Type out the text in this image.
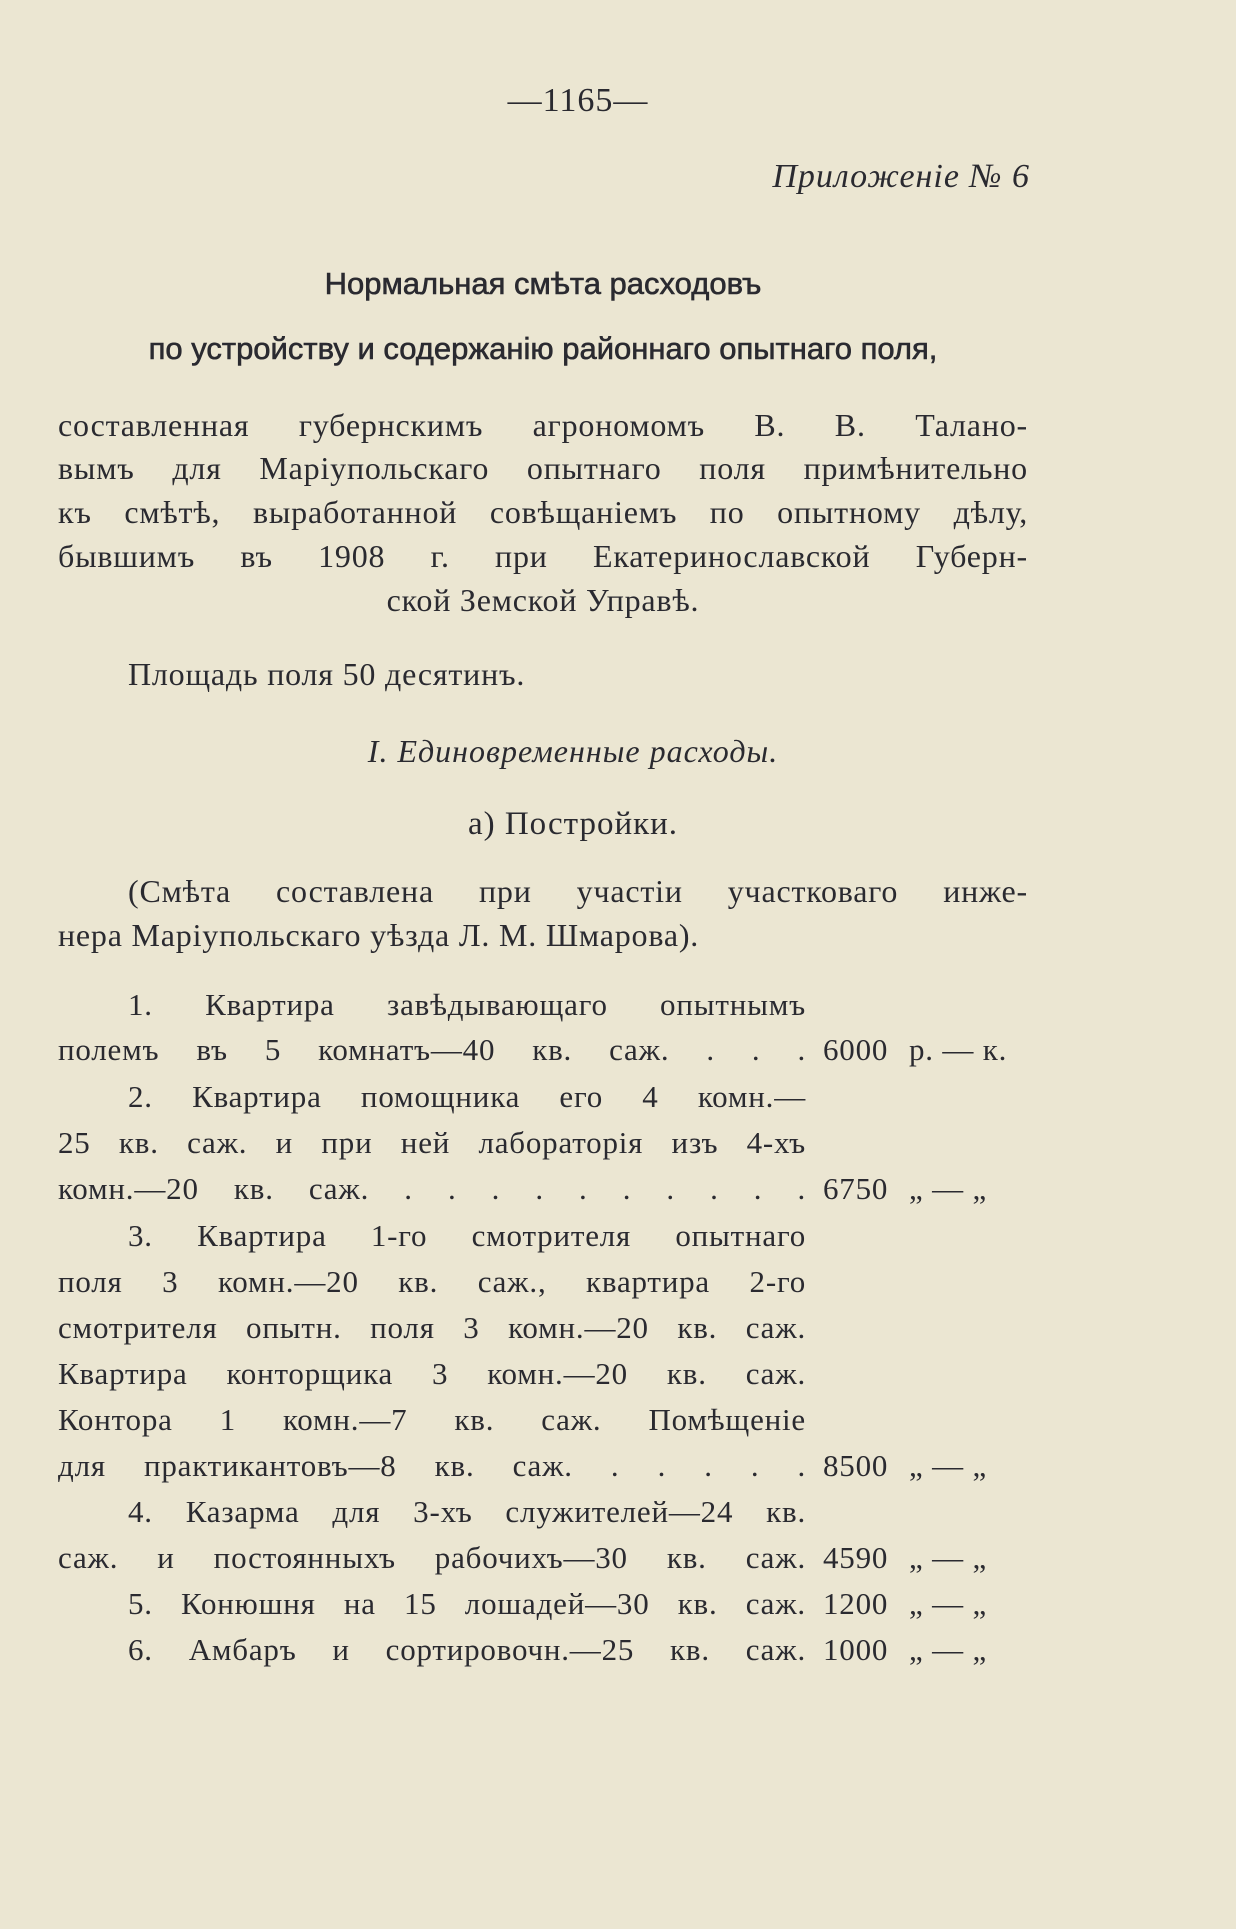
—1165—
Приложеніе № 6
Нормальная смѣта расходовъ
по устройству и содержанію районнаго опытнаго поля,
составленная губернскимъ агрономомъ В. В. Талано-
вымъ для Маріупольскаго опытнаго поля примѣнительно
къ смѣтѣ, выработанной совѣщаніемъ по опытному дѣлу,
бывшимъ въ 1908 г. при Екатеринославской Губерн-
ской Земской Управѣ.
Площадь поля 50 десятинъ.
I. Единовременные расходы.
а) Постройки.
(Смѣта составлена при участіи участковаго инже-
нера Маріупольскаго уѣзда Л. М. Шмарова).
1. Квартира завѣдывающаго опытнымъ
полемъ въ 5 комнатъ—40 кв. саж. . . . 6000 р. — к.
2. Квартира помощника его 4 комн.—
25 кв. саж. и при ней лабораторія изъ 4-хъ
комн.—20 кв. саж. . . . . . . . . . . 6750 „ — „
3. Квартира 1-го смотрителя опытнаго
поля 3 комн.—20 кв. саж., квартира 2-го
смотрителя опытн. поля 3 комн.—20 кв. саж.
Квартира конторщика 3 комн.—20 кв. саж.
Контора 1 комн.—7 кв. саж. Помѣщеніе
для практикантовъ—8 кв. саж. . . . . . 8500 „ — „
4. Казарма для 3-хъ служителей—24 кв.
саж. и постоянныхъ рабочихъ—30 кв. саж. 4590 „ — „
5. Конюшня на 15 лошадей—30 кв. саж. 1200 „ — „
6. Амбаръ и сортировочн.—25 кв. саж. 1000 „ — „
